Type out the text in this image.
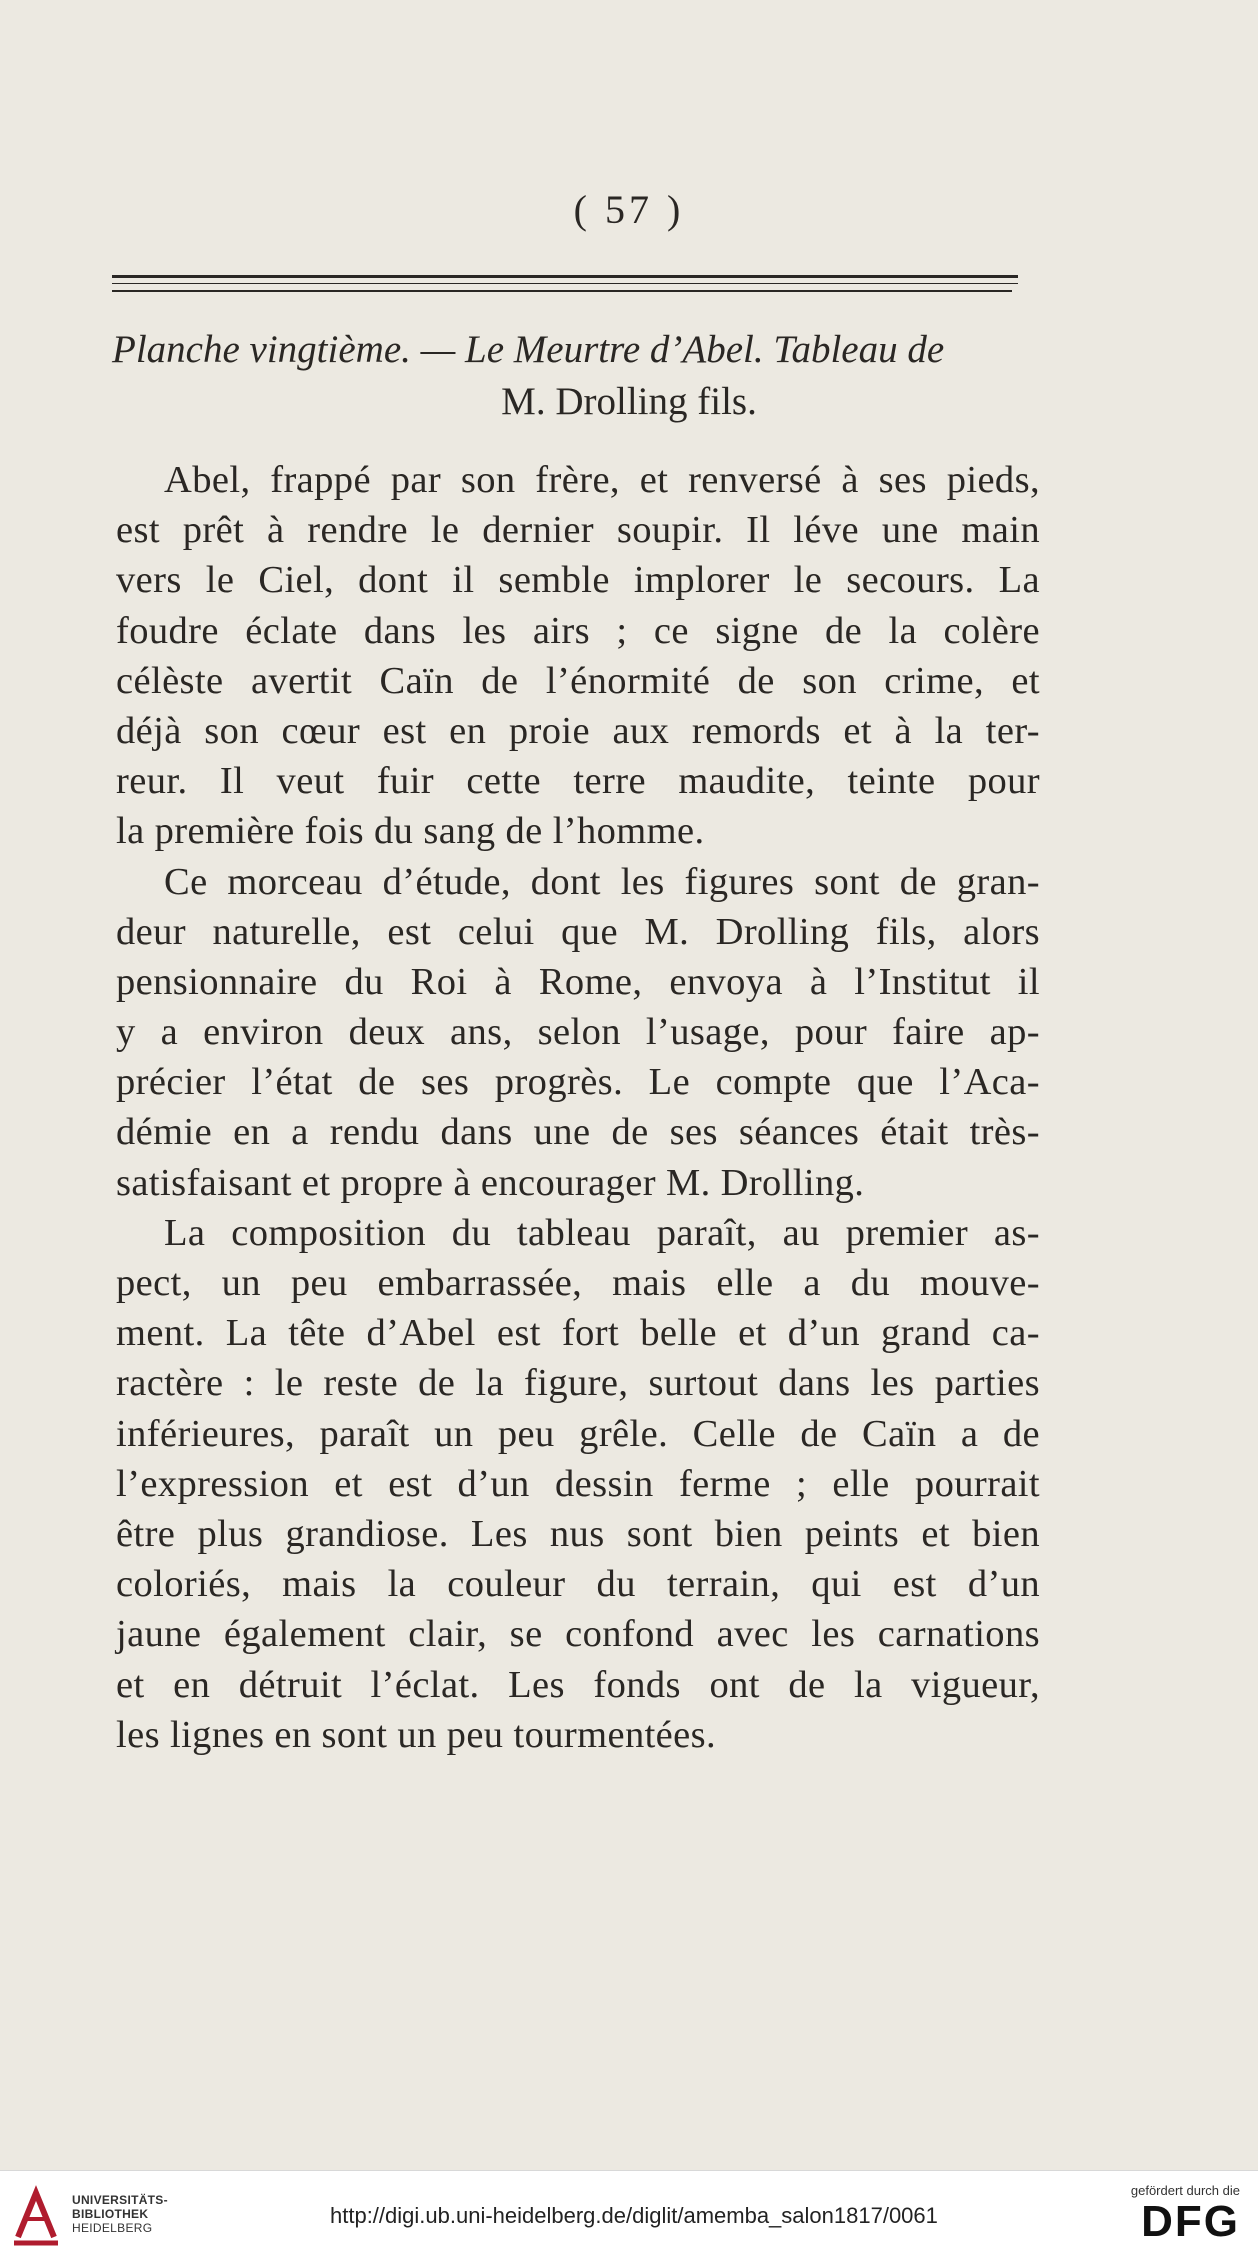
( 57 )
Planche vingtième. — Le Meurtre d’Abel. Tableau de
M. Drolling fils.
Abel, frappé par son frère, et renversé à ses pieds,
est prêt à rendre le dernier soupir. Il léve une main
vers le Ciel, dont il semble implorer le secours. La
foudre éclate dans les airs ; ce signe de la colère
célèste avertit Caïn de l’énormité de son crime, et
déjà son cœur est en proie aux remords et à la ter-
reur. Il veut fuir cette terre maudite, teinte pour
la première fois du sang de l’homme.
Ce morceau d’étude, dont les figures sont de gran-
deur naturelle, est celui que M. Drolling fils, alors
pensionnaire du Roi à Rome, envoya à l’Institut il
y a environ deux ans, selon l’usage, pour faire ap-
précier l’état de ses progrès. Le compte que l’Aca-
démie en a rendu dans une de ses séances était très-
satisfaisant et propre à encourager M. Drolling.
La composition du tableau paraît, au premier as-
pect, un peu embarrassée, mais elle a du mouve-
ment. La tête d’Abel est fort belle et d’un grand ca-
ractère : le reste de la figure, surtout dans les parties
inférieures, paraît un peu grêle. Celle de Caïn a de
l’expression et est d’un dessin ferme ; elle pourrait
être plus grandiose. Les nus sont bien peints et bien
coloriés, mais la couleur du terrain, qui est d’un
jaune également clair, se confond avec les carnations
et en détruit l’éclat. Les fonds ont de la vigueur,
les lignes en sont un peu tourmentées.
UNIVERSITÄTS-
BIBLIOTHEK
HEIDELBERG	http://digi.ub.uni-heidelberg.de/diglit/amemba_salon1817/0061
gefördert durch die
DFG
